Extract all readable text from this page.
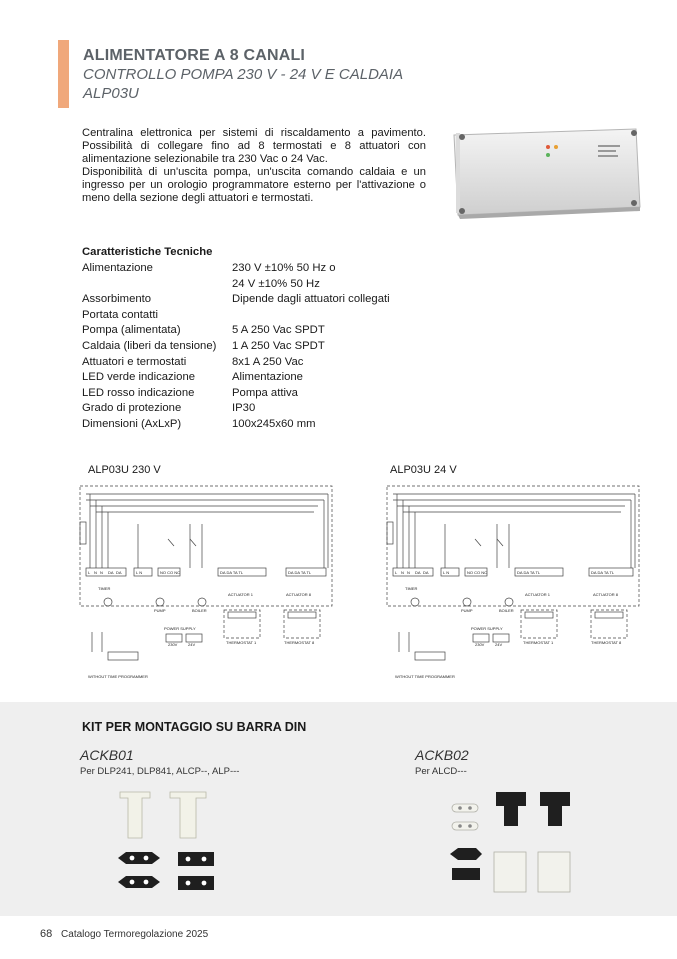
ALIMENTATORE A 8 CANALI
CONTROLLO POMPA 230 V - 24 V E CALDAIA
ALP03U

Centralina elettronica per sistemi di riscaldamento a pavimento. Possibilità di collegare fino ad 8 termostati e 8 attuatori con alimentazione selezionabile tra 230 Vac o 24 Vac.

Disponibilità di un'uscita pompa, un'uscita comando caldaia e un ingresso per un orologio programmatore esterno per l'attivazione o meno della sezione degli attuatori e termostati.

Caratteristiche Tecniche
Alimentazione	230 V ±10% 50 Hz o
24 V ±10% 50 Hz
Assorbimento	Dipende dagli attuatori collegati
Portata contatti
Pompa (alimentata)	5 A 250 Vac SPDT
Caldaia (liberi da tensione)	1 A 250 Vac SPDT
Attuatori e termostati	8x1 A 250 Vac
LED verde indicazione	Alimentazione
LED rosso indicazione	Pompa attiva
Grado di protezione	IP30
Dimensioni (AxLxP)	100x245x60 mm
ALP03U 230 V	ALP03U 24 V
L N N DA DA	L N	NO CO NC	DA DA TA TL	DA DA TA TL
TIMER
PUMP	BOILER
POWER SUPPLY
230V	24V	THERMOSTAT 1	THERMOSTAT 8
ACTUATOR 1	ACTUATOR 8
WITHOUT TIME PROGRAMMER
L N N DA DA	L N	NO CO NC	DA DA TA TL	DA DA TA TL
TIMER
PUMP	BOILER
POWER SUPPLY
230V	24V	THERMOSTAT 1	THERMOSTAT 8
ACTUATOR 1	ACTUATOR 8
WITHOUT TIME PROGRAMMER
KIT PER MONTAGGIO SU BARRA DIN
ACKB01
Per DLP241, DLP841, ALCP--, ALP---
ACKB02
Per ALCD---
68 Catalogo Termoregolazione 2025
